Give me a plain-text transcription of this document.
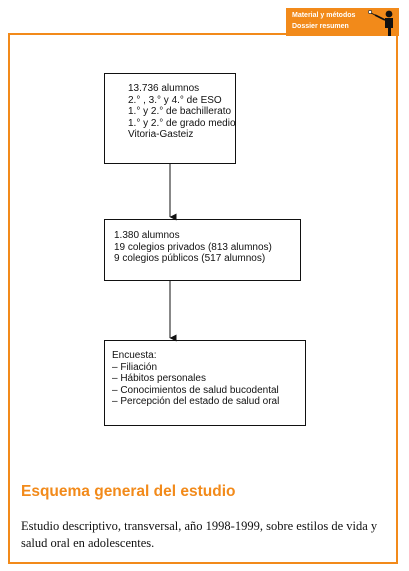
Material y métodos
Dossier resumen
13.736 alumnos
2.° , 3.° y 4.° de ESO
1.° y 2.° de bachillerato
1.° y 2.° de grado medio
Vitoria-Gasteiz
1.380 alumnos
19 colegios privados (813 alumnos)
9 colegios públicos (517 alumnos)
Encuesta:
– Filiación
– Hábitos personales
– Conocimientos de salud bucodental
– Percepción del estado de salud oral
Esquema general del estudio
Estudio descriptivo, transversal, año 1998-1999, sobre estilos de vida y salud oral en adolescentes.
